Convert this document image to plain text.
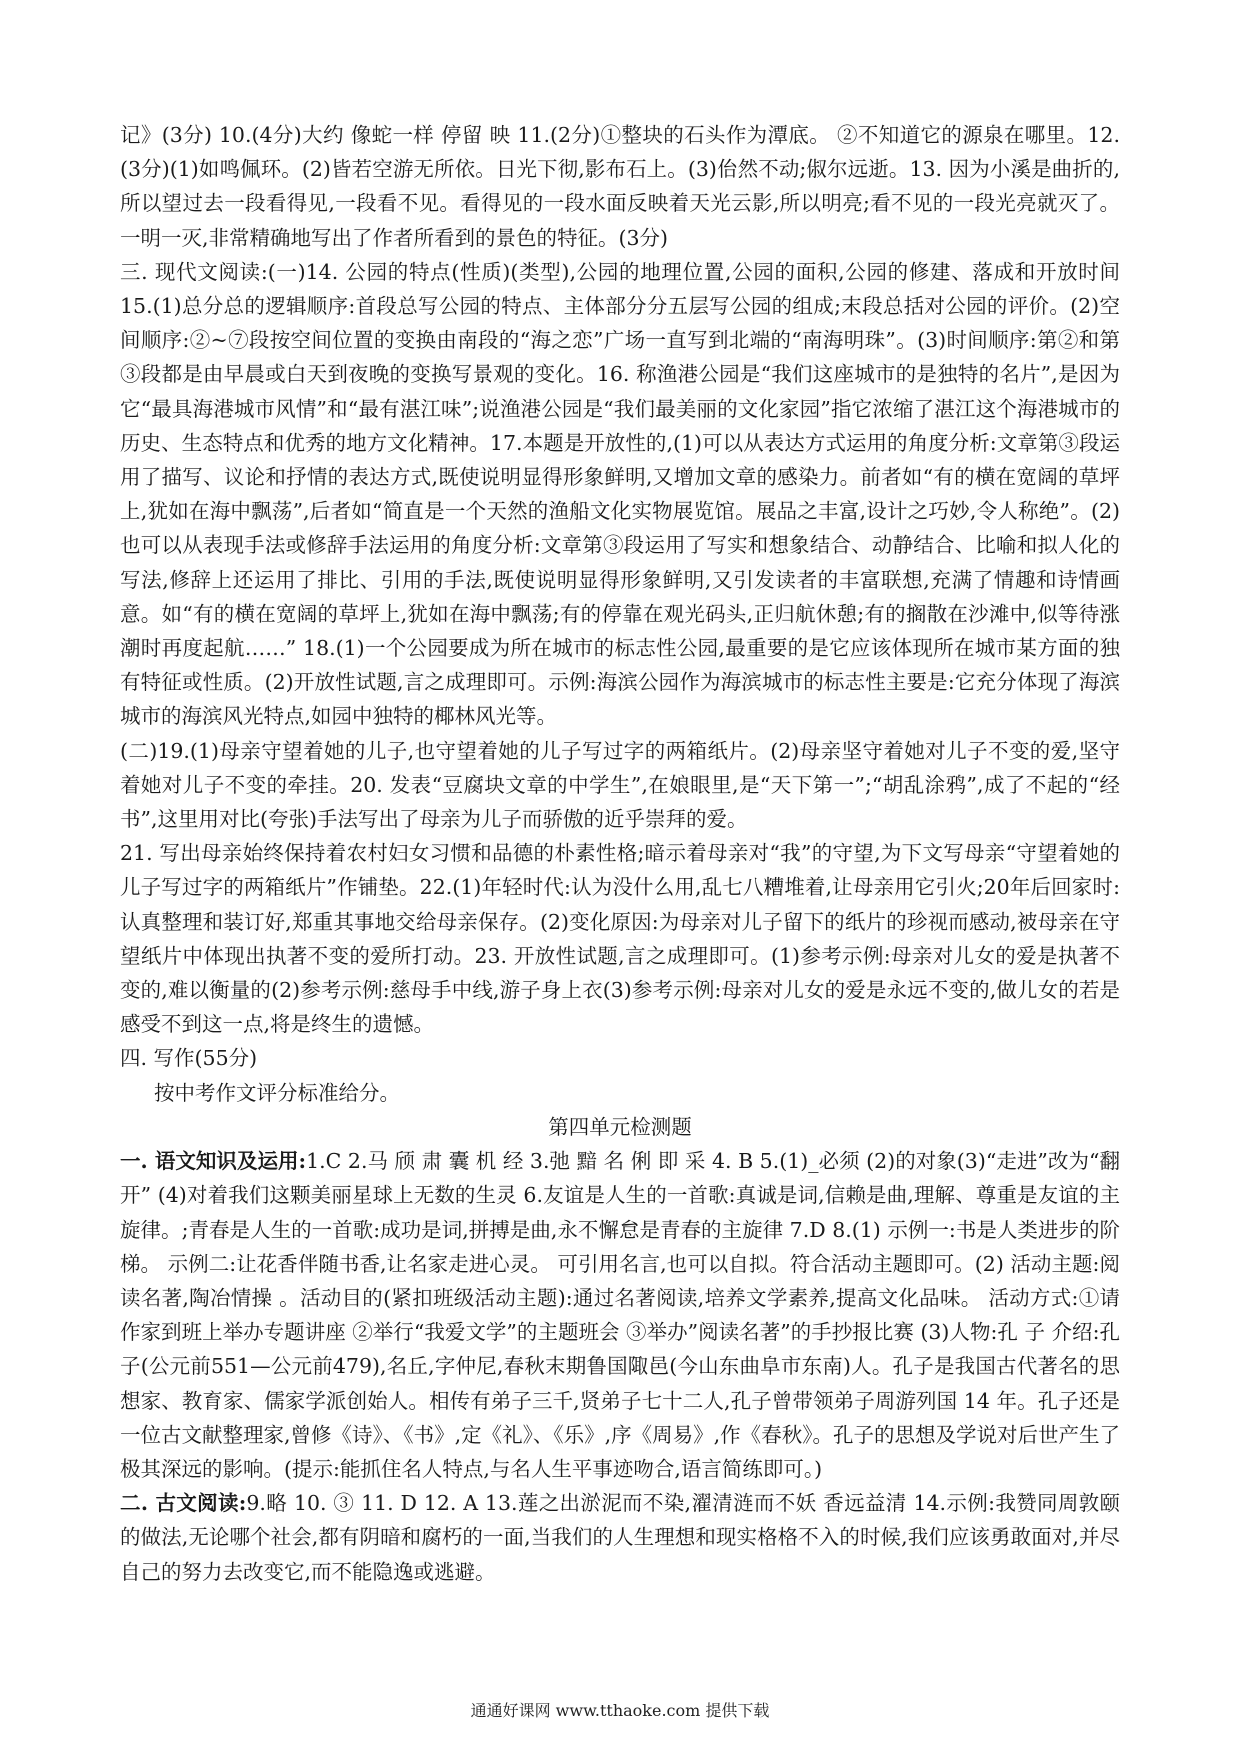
记》(3分) 10.(4分)大约 像蛇一样 停留 映 11.(2分)①整块的石头作为潭底。 ②不知道它的源泉在哪里。12.(3分)(1)如鸣佩环。(2)皆若空游无所依。日光下彻,影布石上。(3)佁然不动;俶尔远逝。13. 因为小溪是曲折的,所以望过去一段看得见,一段看不见。看得见的一段水面反映着天光云影,所以明亮;看不见的一段光亮就灭了。一明一灭,非常精确地写出了作者所看到的景色的特征。(3分)

三. 现代文阅读:(一)14. 公园的特点(性质)(类型),公园的地理位置,公园的面积,公园的修建、落成和开放时间 15.(1)总分总的逻辑顺序:首段总写公园的特点、主体部分分五层写公园的组成;末段总括对公园的评价。(2)空间顺序:②~⑦段按空间位置的变换由南段的“海之恋”广场一直写到北端的“南海明珠”。(3)时间顺序:第②和第③段都是由早晨或白天到夜晚的变换写景观的变化。16. 称渔港公园是“我们这座城市的是独特的名片”,是因为它“最具海港城市风情”和“最有湛江味”;说渔港公园是“我们最美丽的文化家园”指它浓缩了湛江这个海港城市的历史、生态特点和优秀的地方文化精神。17.本题是开放性的,(1)可以从表达方式运用的角度分析:文章第③段运用了描写、议论和抒情的表达方式,既使说明显得形象鲜明,又增加文章的感染力。前者如“有的横在宽阔的草坪上,犹如在海中飘荡”,后者如“简直是一个天然的渔船文化实物展览馆。展品之丰富,设计之巧妙,令人称绝”。(2)也可以从表现手法或修辞手法运用的角度分析:文章第③段运用了写实和想象结合、动静结合、比喻和拟人化的写法,修辞上还运用了排比、引用的手法,既使说明显得形象鲜明,又引发读者的丰富联想,充满了情趣和诗情画意。如“有的横在宽阔的草坪上,犹如在海中飘荡;有的停靠在观光码头,正归航休憩;有的搁散在沙滩中,似等待涨潮时再度起航……” 18.(1)一个公园要成为所在城市的标志性公园,最重要的是它应该体现所在城市某方面的独有特征或性质。(2)开放性试题,言之成理即可。示例:海滨公园作为海滨城市的标志性主要是:它充分体现了海滨城市的海滨风光特点,如园中独特的椰林风光等。

(二)19.(1)母亲守望着她的儿子,也守望着她的儿子写过字的两箱纸片。(2)母亲坚守着她对儿子不变的爱,坚守着她对儿子不变的牵挂。20. 发表“豆腐块文章的中学生”,在娘眼里,是“天下第一”;“胡乱涂鸦”,成了不起的“经书”,这里用对比(夸张)手法写出了母亲为儿子而骄傲的近乎崇拜的爱。

21. 写出母亲始终保持着农村妇女习惯和品德的朴素性格;暗示着母亲对“我”的守望,为下文写母亲“守望着她的儿子写过字的两箱纸片”作铺垫。22.(1)年轻时代:认为没什么用,乱七八糟堆着,让母亲用它引火;20年后回家时:认真整理和装订好,郑重其事地交给母亲保存。(2)变化原因:为母亲对儿子留下的纸片的珍视而感动,被母亲在守望纸片中体现出执著不变的爱所打动。23. 开放性试题,言之成理即可。(1)参考示例:母亲对儿女的爱是执著不变的,难以衡量的(2)参考示例:慈母手中线,游子身上衣(3)参考示例:母亲对儿女的爱是永远不变的,做儿女的若是感受不到这一点,将是终生的遗憾。

四. 写作(55分)

按中考作文评分标准给分。

第四单元检测题

一. 语文知识及运用:1.C 2.马 颀 肃 囊 机 经 3.弛 黯 名 俐 即 采 4. B 5.(1)_必须 (2)的对象(3)“走进”改为“翻开” (4)对着我们这颗美丽星球上无数的生灵 6.友谊是人生的一首歌:真诚是词,信赖是曲,理解、尊重是友谊的主旋律。;青春是人生的一首歌:成功是词,拼搏是曲,永不懈怠是青春的主旋律 7.D 8.(1) 示例一:书是人类进步的阶梯。 示例二:让花香伴随书香,让名家走进心灵。 可引用名言,也可以自拟。符合活动主题即可。(2) 活动主题:阅读名著,陶冶情操 。活动目的(紧扣班级活动主题):通过名著阅读,培养文学素养,提高文化品味。 活动方式:①请作家到班上举办专题讲座 ②举行“我爱文学”的主题班会 ③举办”阅读名著”的手抄报比赛 (3)人物:孔 子 介绍:孔子(公元前551—公元前479),名丘,字仲尼,春秋末期鲁国陬邑(今山东曲阜市东南)人。孔子是我国古代著名的思想家、教育家、儒家学派创始人。相传有弟子三千,贤弟子七十二人,孔子曾带领弟子周游列国 14 年。孔子还是一位古文献整理家,曾修《诗》、《书》,定《礼》、《乐》,序《周易》,作《春秋》。孔子的思想及学说对后世产生了极其深远的影响。(提示:能抓住名人特点,与名人生平事迹吻合,语言简练即可。)

二. 古文阅读:9.略 10. ③ 11. D 12. A 13.莲之出淤泥而不染,濯清涟而不妖 香远益清 14.示例:我赞同周敦颐的做法,无论哪个社会,都有阴暗和腐朽的一面,当我们的人生理想和现实格格不入的时候,我们应该勇敢面对,并尽自己的努力去改变它,而不能隐逸或逃避。

通通好课网 www.tthaoke.com 提供下载
